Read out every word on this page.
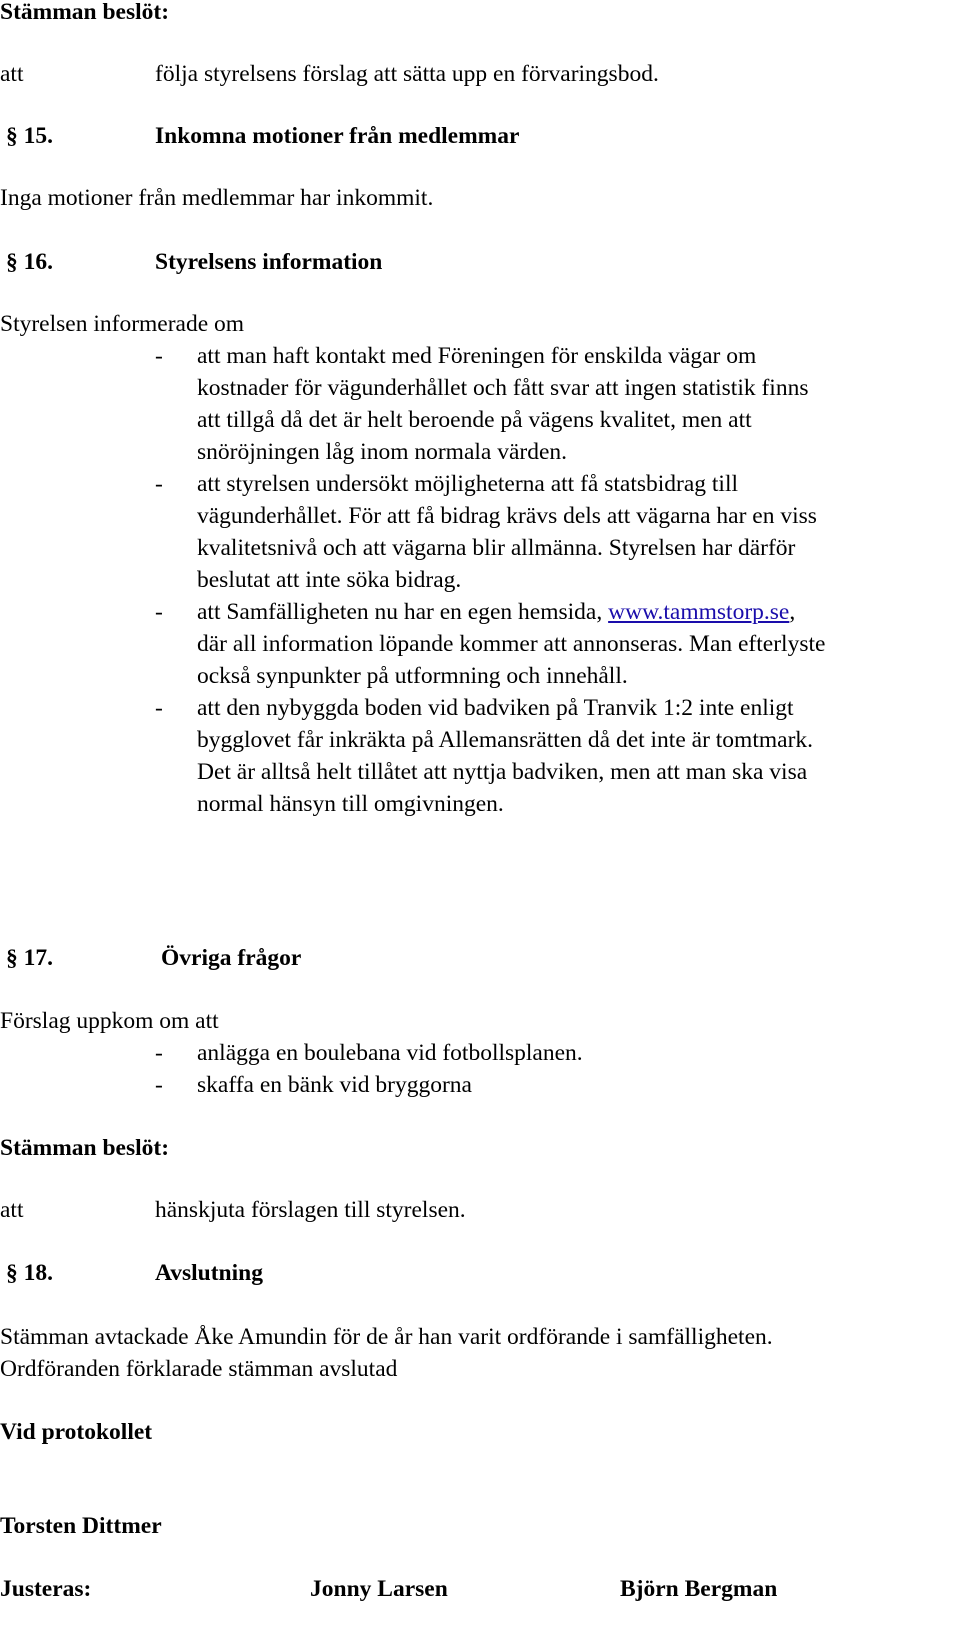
Stämman beslöt:
att	följa styrelsens förslag att sätta upp en förvaringsbod.
§ 15.	Inkomna motioner från medlemmar
Inga motioner från medlemmar har inkommit.
§ 16.	Styrelsens information
Styrelsen informerade om
- att man haft kontakt med Föreningen för enskilda vägar om
kostnader för vägunderhållet och fått svar att ingen statistik finns
att tillgå då det är helt beroende på vägens kvalitet, men att
snöröjningen låg inom normala värden.
- att styrelsen undersökt möjligheterna att få statsbidrag till
vägunderhållet. För att få bidrag krävs dels att vägarna har en viss
kvalitetsnivå och att vägarna blir allmänna. Styrelsen har därför
beslutat att inte söka bidrag.
- att Samfälligheten nu har en egen hemsida, www.tammstorp.se,
där all information löpande kommer att annonseras. Man efterlyste
också synpunkter på utformning och innehåll.
- att den nybyggda boden vid badviken på Tranvik 1:2 inte enligt
bygglovet får inkräkta på Allemansrätten då det inte är tomtmark.
Det är alltså helt tillåtet att nyttja badviken, men att man ska visa
normal hänsyn till omgivningen.
§ 17.	Övriga frågor
Förslag uppkom om att
- anlägga en boulebana vid fotbollsplanen.
- skaffa en bänk vid bryggorna
Stämman beslöt:
att	hänskjuta förslagen till styrelsen.
§ 18.	Avslutning
Stämman avtackade Åke Amundin för de år han varit ordförande i samfälligheten.
Ordföranden förklarade stämman avslutad
Vid protokollet
Torsten Dittmer
Justeras:	Jonny Larsen	Björn Bergman
